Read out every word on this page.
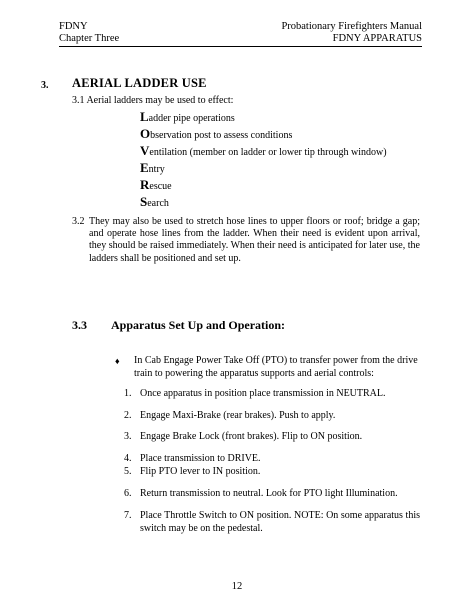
FDNY
Chapter Three
Probationary Firefighters Manual
FDNY APPARATUS
3. AERIAL LADDER USE
3.1 Aerial ladders may be used to effect:
Ladder pipe operations
Observation post to assess conditions
Ventilation (member on ladder or lower tip through window)
Entry
Rescue
Search
3.2 They may also be used to stretch hose lines to upper floors or roof; bridge a gap; and operate hose lines from the ladder. When their need is evident upon arrival, they should be raised immediately. When their need is anticipated for later use, the ladders shall be positioned and set up.
3.3 Apparatus Set Up and Operation:
♦ In Cab Engage Power Take Off (PTO) to transfer power from the drive train to powering the apparatus supports and aerial controls:
1. Once apparatus in position place transmission in NEUTRAL.
2. Engage Maxi-Brake (rear brakes). Push to apply.
3. Engage Brake Lock (front brakes). Flip to ON position.
4. Place transmission to DRIVE.
5. Flip PTO lever to IN position.
6. Return transmission to neutral. Look for PTO light Illumination.
7. Place Throttle Switch to ON position. NOTE: On some apparatus this switch may be on the pedestal.
12
